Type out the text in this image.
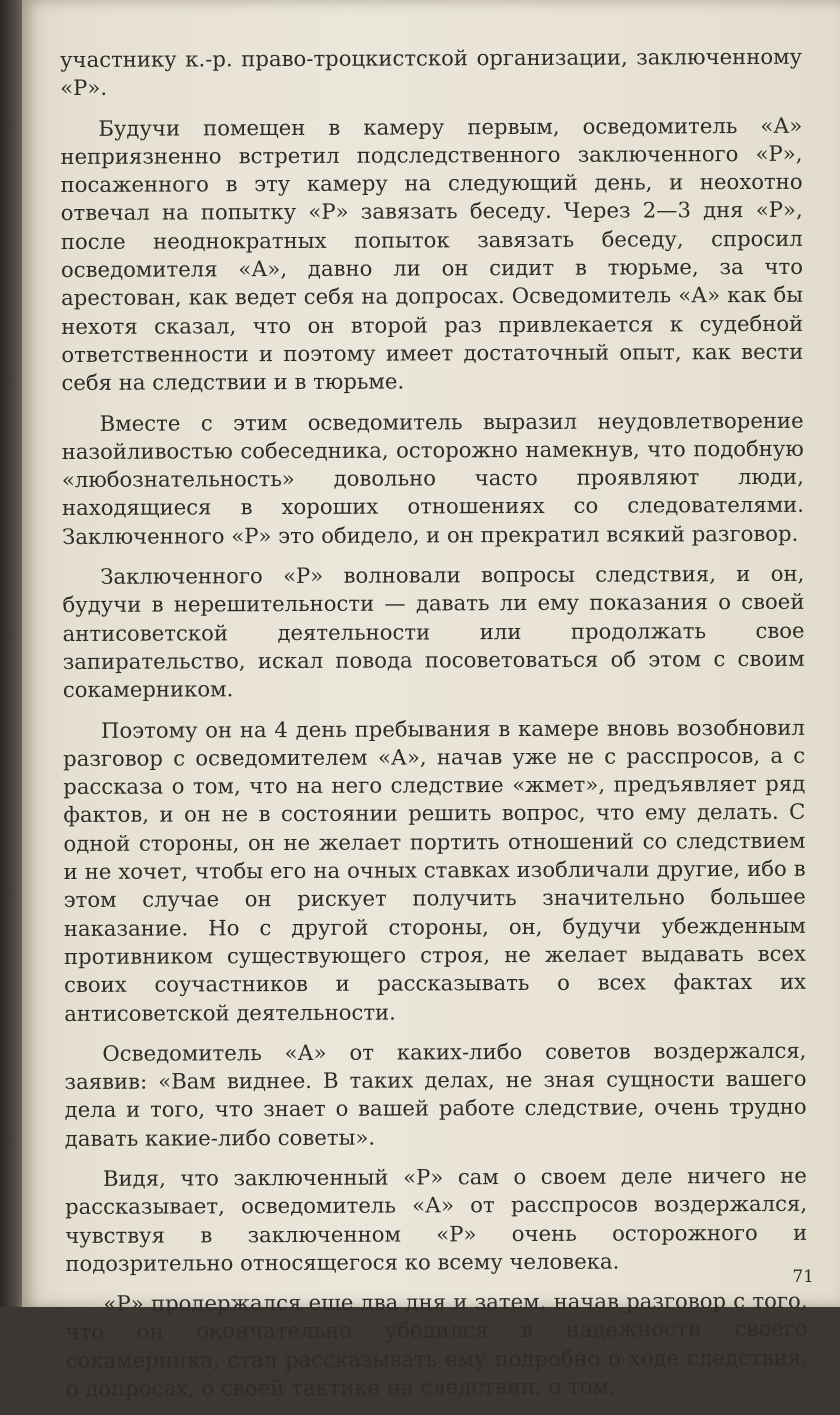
участнику к.-р. право-троцкистской организации, заключенному «Р».

Будучи помещен в камеру первым, осведомитель «А» неприязненно встретил подследственного заключенного «Р», посаженного в эту камеру на следующий день, и неохотно отвечал на попытку «Р» завязать беседу. Через 2—3 дня «Р», после неоднократных попыток завязать беседу, спросил осведомителя «А», давно ли он сидит в тюрьме, за что арестован, как ведет себя на допросах. Осведомитель «А» как бы нехотя сказал, что он второй раз привлекается к судебной ответственности и поэтому имеет достаточный опыт, как вести себя на следствии и в тюрьме.

Вместе с этим осведомитель выразил неудовлетворение назойливостью собеседника, осторожно намекнув, что подобную «любознательность» довольно часто проявляют люди, находящиеся в хороших отношениях со следователями. Заключенного «Р» это обидело, и он прекратил всякий разговор.

Заключенного «Р» волновали вопросы следствия, и он, будучи в нерешительности — давать ли ему показания о своей антисоветской деятельности или продолжать свое запирательство, искал повода посоветоваться об этом с своим сокамерником.

Поэтому он на 4 день пребывания в камере вновь возобновил разговор с осведомителем «А», начав уже не с расспросов, а с рассказа о том, что на него следствие «жмет», предъявляет ряд фактов, и он не в состоянии решить вопрос, что ему делать. С одной стороны, он не желает портить отношений со следствием и не хочет, чтобы его на очных ставках изобличали другие, ибо в этом случае он рискует получить значительно большее наказание. Но с другой стороны, он, будучи убежденным противником существующего строя, не желает выдавать всех своих соучастников и рассказывать о всех фактах их антисоветской деятельности.

Осведомитель «А» от каких-либо советов воздержался, заявив: «Вам виднее. В таких делах, не зная сущности вашего дела и того, что знает о вашей работе следствие, очень трудно давать какие-либо советы».

Видя, что заключенный «Р» сам о своем деле ничего не рассказывает, осведомитель «А» от расспросов воздержался, чувствуя в заключенном «Р» очень осторожного и подозрительно относящегося ко всему человека.

«Р» продержался еще два дня и затем, начав разговор с того, что он окончательно убедился в надежности своего сокамерника, стал рассказывать ему подробно о ходе следствия, о допросах, о своей тактике на следствии, о том,

71
